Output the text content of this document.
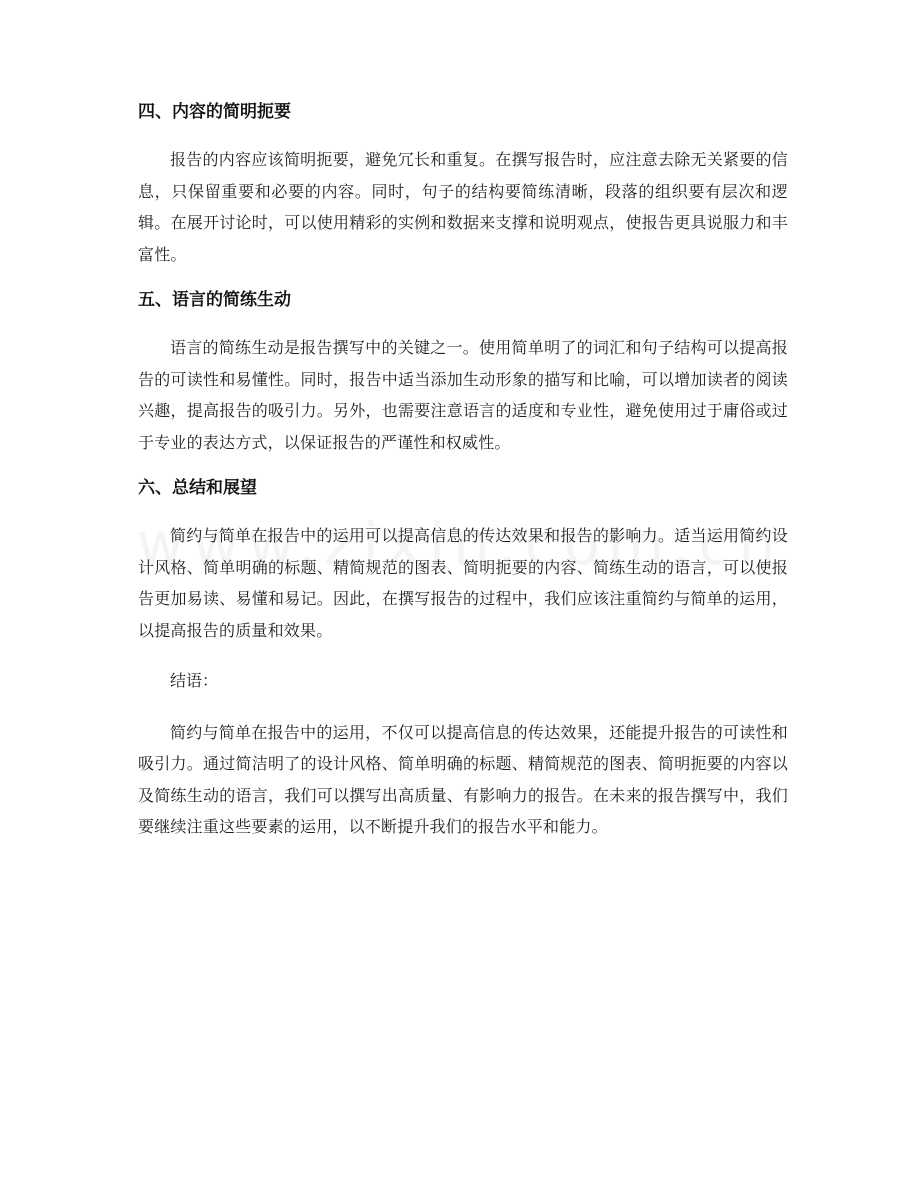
四、内容的简明扼要

报告的内容应该简明扼要，避免冗长和重复。在撰写报告时，应注意去除无关紧要的信息，只保留重要和必要的内容。同时，句子的结构要简练清晰，段落的组织要有层次和逻辑。在展开讨论时，可以使用精彩的实例和数据来支撑和说明观点，使报告更具说服力和丰富性。

五、语言的简练生动

语言的简练生动是报告撰写中的关键之一。使用简单明了的词汇和句子结构可以提高报告的可读性和易懂性。同时，报告中适当添加生动形象的描写和比喻，可以增加读者的阅读兴趣，提高报告的吸引力。另外，也需要注意语言的适度和专业性，避免使用过于庸俗或过于专业的表达方式，以保证报告的严谨性和权威性。

六、总结和展望

简约与简单在报告中的运用可以提高信息的传达效果和报告的影响力。适当运用简约设计风格、简单明确的标题、精简规范的图表、简明扼要的内容、简练生动的语言，可以使报告更加易读、易懂和易记。因此，在撰写报告的过程中，我们应该注重简约与简单的运用，以提高报告的质量和效果。

结语：

简约与简单在报告中的运用，不仅可以提高信息的传达效果，还能提升报告的可读性和吸引力。通过简洁明了的设计风格、简单明确的标题、精简规范的图表、简明扼要的内容以及简练生动的语言，我们可以撰写出高质量、有影响力的报告。在未来的报告撰写中，我们要继续注重这些要素的运用，以不断提升我们的报告水平和能力。
